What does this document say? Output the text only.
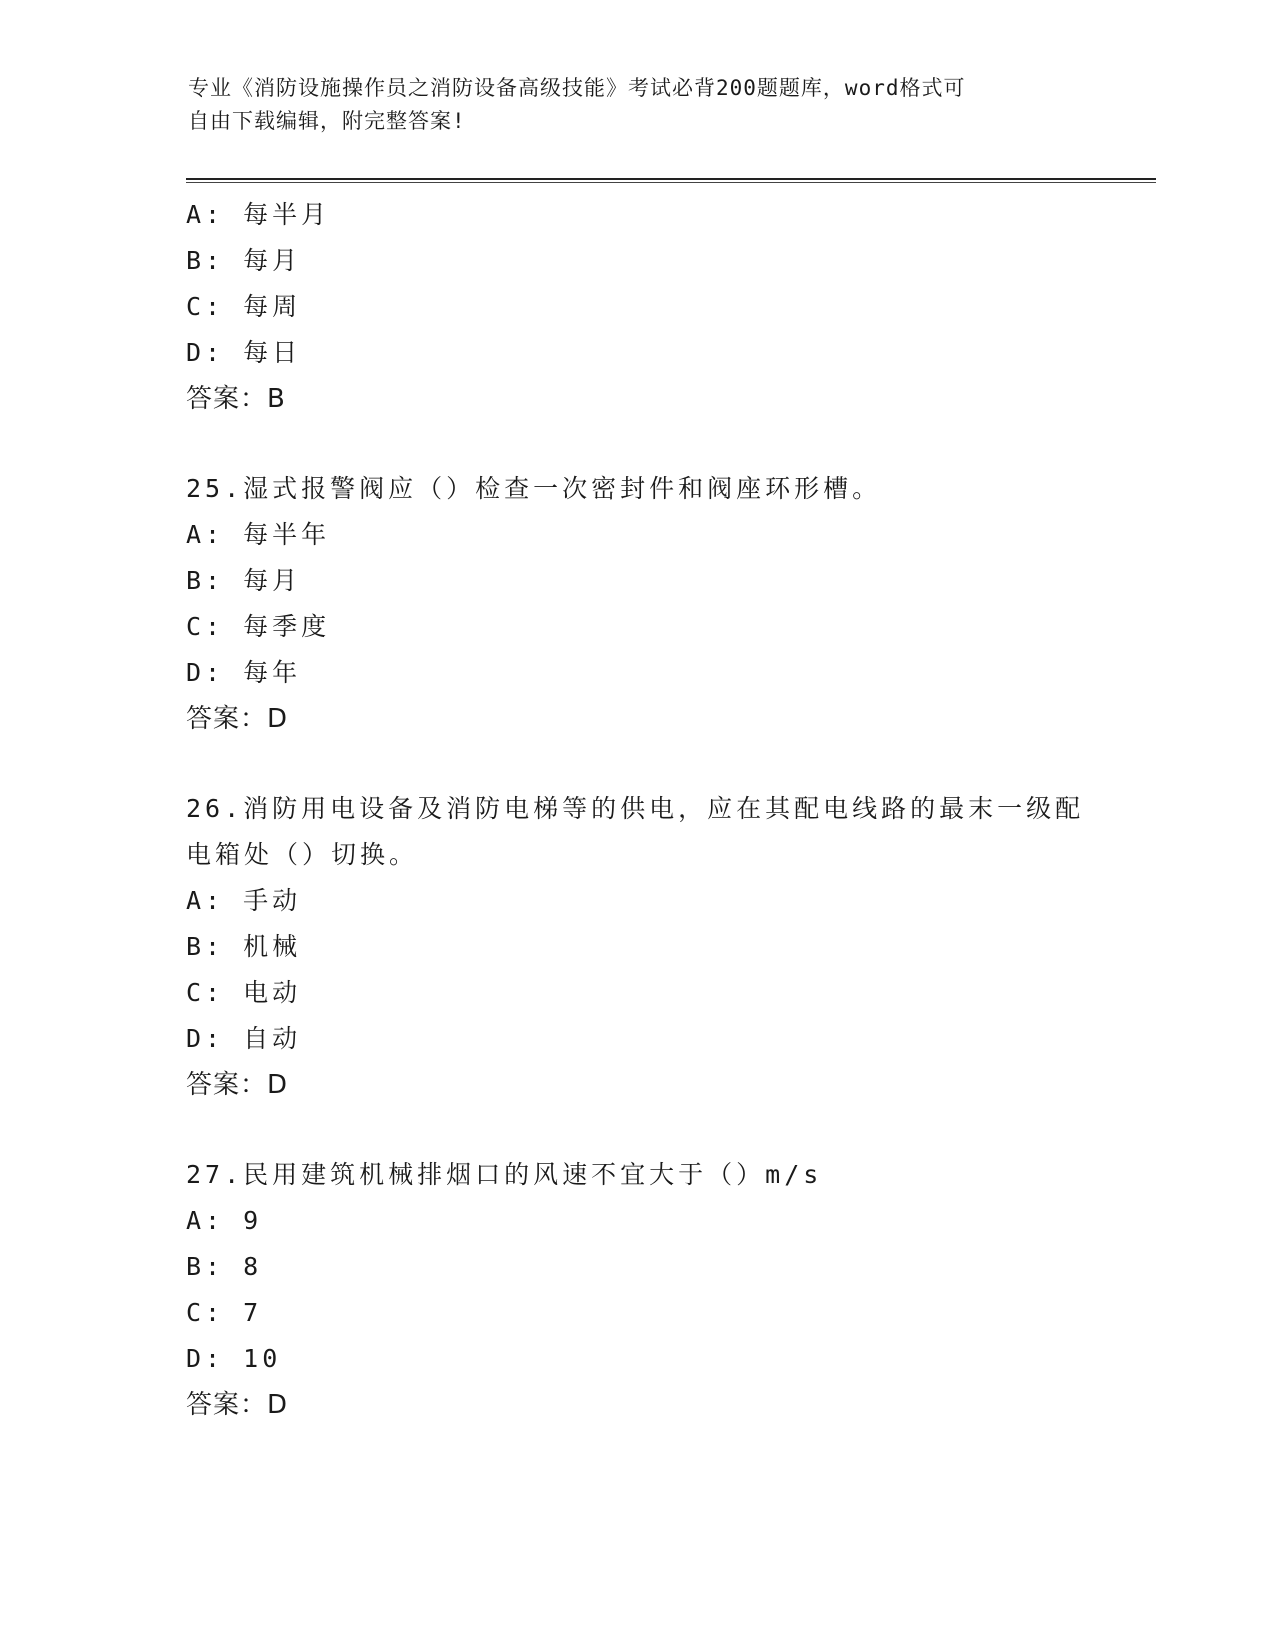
专业《消防设施操作员之消防设备高级技能》考试必背200题题库，word格式可
自由下载编辑，附完整答案!
A: 每半月
B: 每月
C: 每周
D: 每日
答案：B
25.湿式报警阀应（）检查一次密封件和阀座环形槽。
A: 每半年
B: 每月
C: 每季度
D: 每年
答案：D
26.消防用电设备及消防电梯等的供电，应在其配电线路的最末一级配
电箱处（）切换。
A: 手动
B: 机械
C: 电动
D: 自动
答案：D
27.民用建筑机械排烟口的风速不宜大于（）m/s
A: 9
B: 8
C: 7
D: 10
答案：D
